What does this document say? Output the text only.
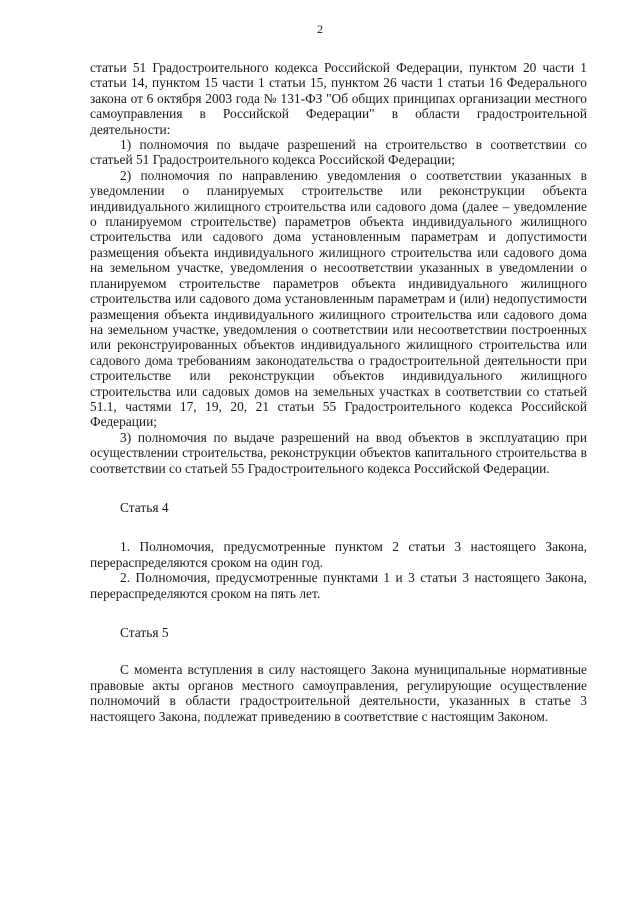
2

статьи 51 Градостроительного кодекса Российской Федерации, пунктом 20 части 1 статьи 14, пунктом 15 части 1 статьи 15, пунктом 26 части 1 статьи 16 Федерального закона от 6 октября 2003 года № 131-ФЗ "Об общих принципах организации местного самоуправления в Российской Федерации" в области градостроительной деятельности:

1) полномочия по выдаче разрешений на строительство в соответствии со статьей 51 Градостроительного кодекса Российской Федерации;

2) полномочия по направлению уведомления о соответствии указанных в уведомлении о планируемых строительстве или реконструкции объекта индивидуального жилищного строительства или садового дома (далее – уведомление о планируемом строительстве) параметров объекта индивидуального жилищного строительства или садового дома установленным параметрам и допустимости размещения объекта индивидуального жилищного строительства или садового дома на земельном участке, уведомления о несоответствии указанных в уведомлении о планируемом строительстве параметров объекта индивидуального жилищного строительства или садового дома установленным параметрам и (или) недопустимости размещения объекта индивидуального жилищного строительства или садового дома на земельном участке, уведомления о соответствии или несоответствии построенных или реконструированных объектов индивидуального жилищного строительства или садового дома требованиям законодательства о градостроительной деятельности при строительстве или реконструкции объектов индивидуального жилищного строительства или садовых домов на земельных участках в соответствии со статьей 51.1, частями 17, 19, 20, 21 статьи 55 Градостроительного кодекса Российской Федерации;

3) полномочия по выдаче разрешений на ввод объектов в эксплуатацию при осуществлении строительства, реконструкции объектов капитального строительства в соответствии со статьей 55 Градостроительного кодекса Российской Федерации.

Статья 4

1. Полномочия, предусмотренные пунктом 2 статьи 3 настоящего Закона, перераспределяются сроком на один год.

2. Полномочия, предусмотренные пунктами 1 и 3 статьи 3 настоящего Закона, перераспределяются сроком на пять лет.

Статья 5

С момента вступления в силу настоящего Закона муниципальные нормативные правовые акты органов местного самоуправления, регулирующие осуществление полномочий в области градостроительной деятельности, указанных в статье 3 настоящего Закона, подлежат приведению в соответствие с настоящим Законом.
